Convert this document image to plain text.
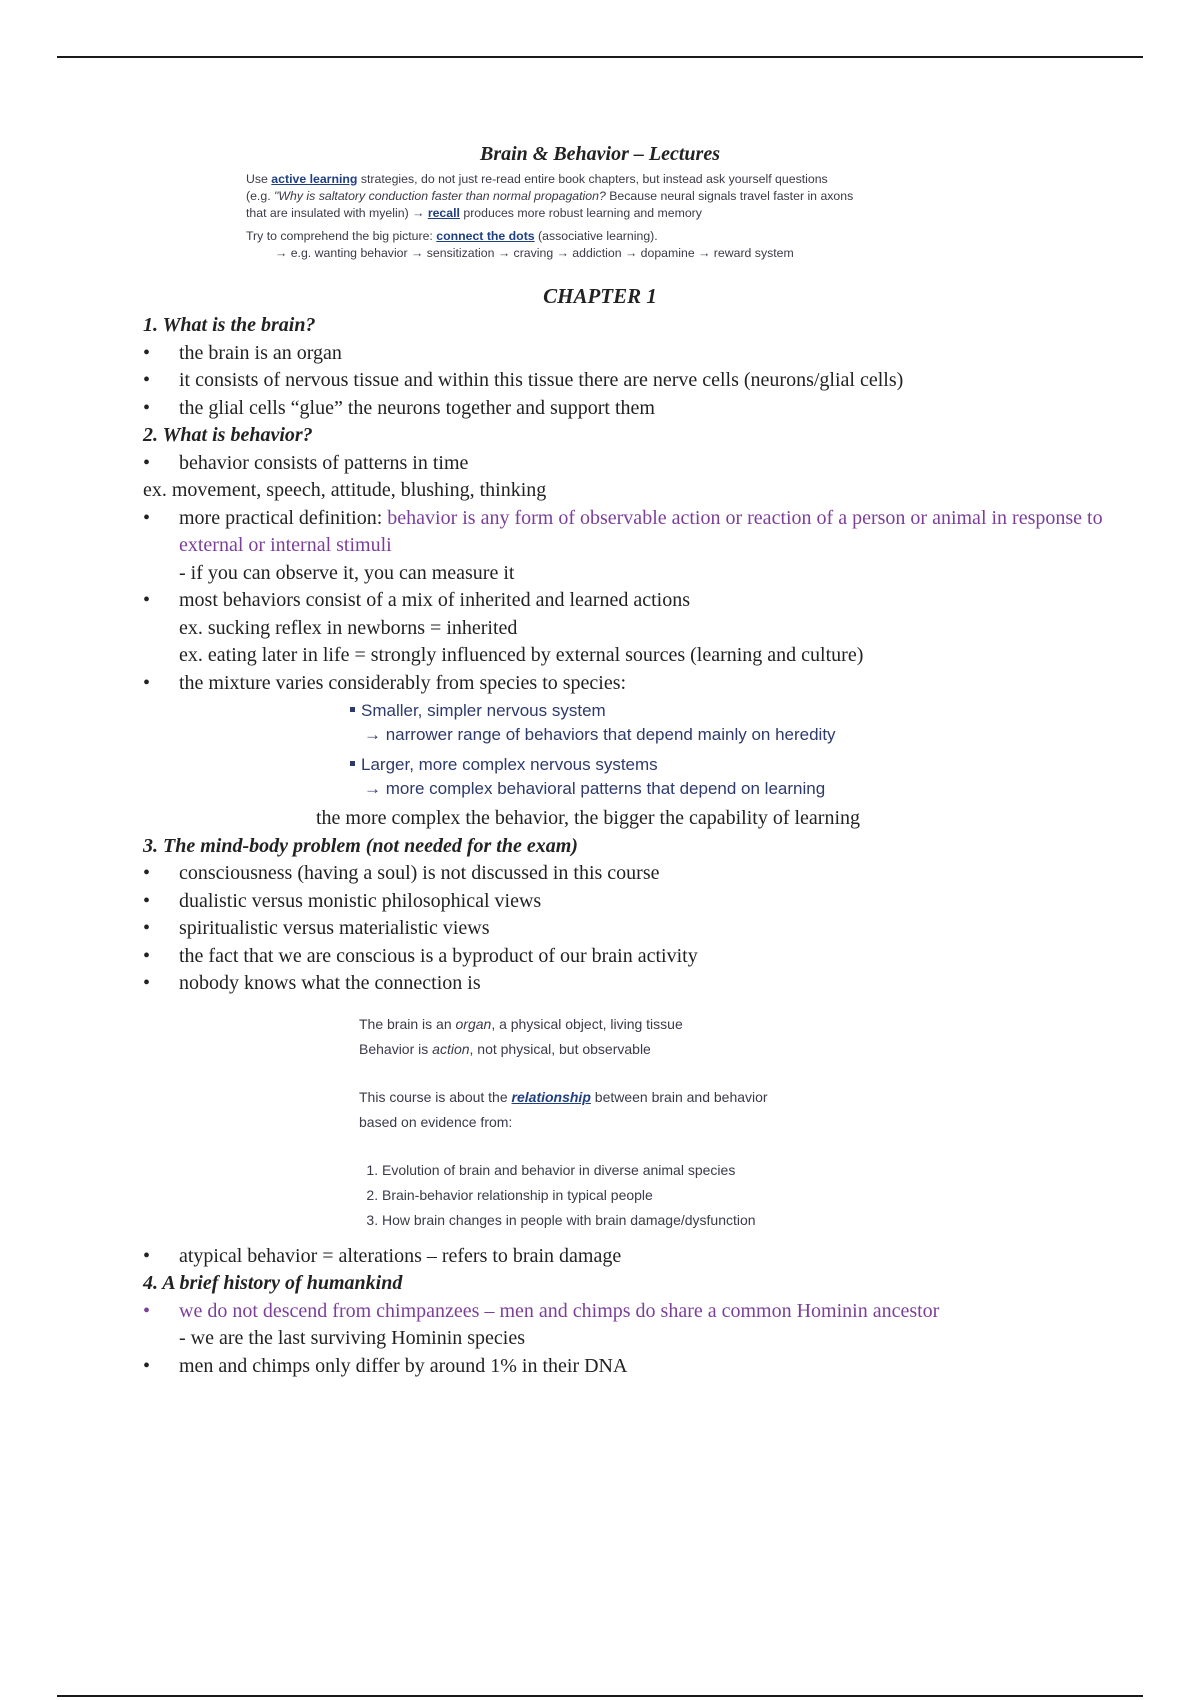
Brain & Behavior – Lectures

Use active learning strategies, do not just re-read entire book chapters, but instead ask yourself questions

(e.g. "Why is saltatory conduction faster than normal propagation? Because neural signals travel faster in axons

that are insulated with myelin) → recall produces more robust learning and memory

Try to comprehend the big picture: connect the dots (associative learning).

→ e.g. wanting behavior → sensitization → craving → addiction → dopamine → reward system

CHAPTER 1
1. What is the brain?
• the brain is an organ
• it consists of nervous tissue and within this tissue there are nerve cells (neurons/glial cells)
• the glial cells “glue” the neurons together and support them
2. What is behavior?
• behavior consists of patterns in time
ex. movement, speech, attitude, blushing, thinking
• more practical definition: behavior is any form of observable action or reaction of a person or animal in response to external or internal stimuli
- if you can observe it, you can measure it
• most behaviors consist of a mix of inherited and learned actions
ex. sucking reflex in newborns = inherited
ex. eating later in life = strongly influenced by external sources (learning and culture)
• the mixture varies considerably from species to species:
Smaller, simpler nervous system
→ narrower range of behaviors that depend mainly on heredity
Larger, more complex nervous systems
→ more complex behavioral patterns that depend on learning
the more complex the behavior, the bigger the capability of learning
3. The mind-body problem (not needed for the exam)
• consciousness (having a soul) is not discussed in this course
• dualistic versus monistic philosophical views
• spiritualistic versus materialistic views
• the fact that we are conscious is a byproduct of our brain activity
• nobody knows what the connection is

The brain is an organ, a physical object, living tissue

Behavior is action, not physical, but observable

This course is about the relationship between brain and behavior

based on evidence from:

1. Evolution of brain and behavior in diverse animal species
2. Brain-behavior relationship in typical people
3. How brain changes in people with brain damage/dysfunction
• atypical behavior = alterations – refers to brain damage
4. A brief history of humankind
• we do not descend from chimpanzees – men and chimps do share a common Hominin ancestor
- we are the last surviving Hominin species
• men and chimps only differ by around 1% in their DNA
